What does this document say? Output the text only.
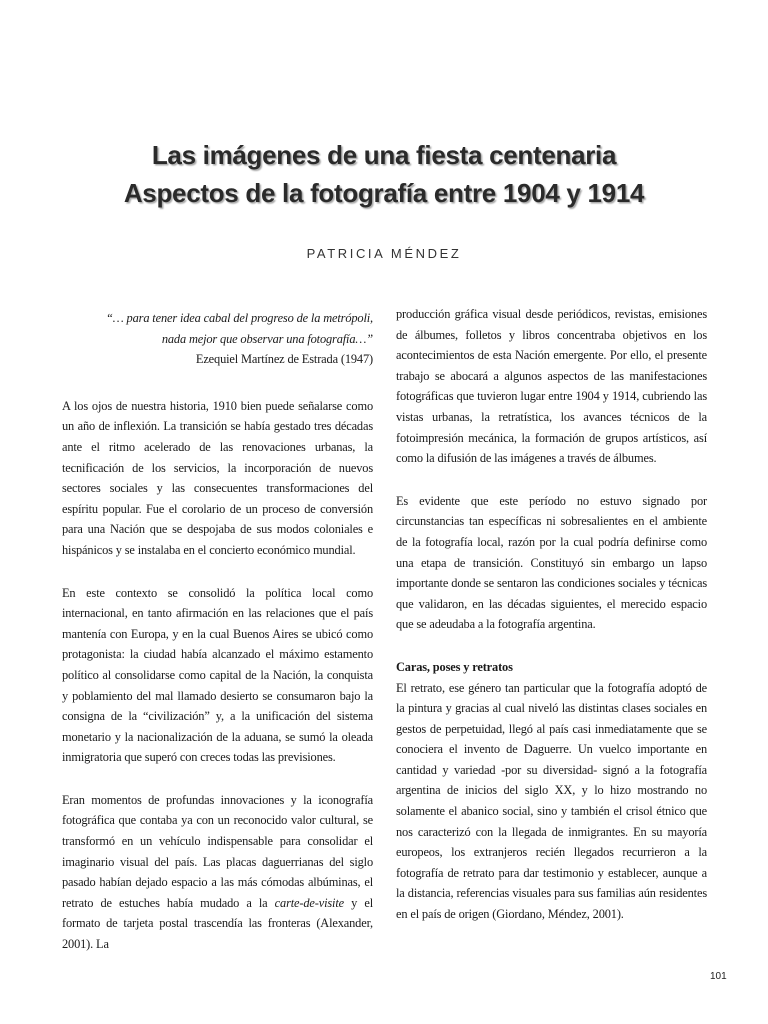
Las imágenes de una fiesta centenaria
Aspectos de la fotografía entre 1904 y 1914
PATRICIA MÉNDEZ
“… para tener idea cabal del progreso de la metrópoli,
nada mejor que observar una fotografía…”
Ezequiel Martínez de Estrada (1947)

A los ojos de nuestra historia, 1910 bien puede señalarse como un año de inflexión. La transición se había gestado tres décadas ante el ritmo acelerado de las renovaciones urbanas, la tecnificación de los servicios, la incorporación de nuevos sectores sociales y las consecuentes transformaciones del espíritu popular. Fue el corolario de un proceso de conversión para una Nación que se despojaba de sus modos coloniales e hispánicos y se instalaba en el concierto económico mundial.

En este contexto se consolidó la política local como internacional, en tanto afirmación en las relaciones que el país mantenía con Europa, y en la cual Buenos Aires se ubicó como protagonista: la ciudad había alcanzado el máximo estamento político al consolidarse como capital de la Nación, la conquista y poblamiento del mal llamado desierto se consumaron bajo la consigna de la “civilización” y, a la unificación del sistema monetario y la nacionalización de la aduana, se sumó la oleada inmigratoria que superó con creces todas las previsiones.

Eran momentos de profundas innovaciones y la iconografía fotográfica que contaba ya con un reconocido valor cultural, se transformó en un vehículo indispensable para consolidar el imaginario visual del país. Las placas daguerrianas del siglo pasado habían dejado espacio a las más cómodas albúminas, el retrato de estuches había mudado a la carte-de-visite y el formato de tarjeta postal trascendía las fronteras (Alexander, 2001). La

producción gráfica visual desde periódicos, revistas, emisiones de álbumes, folletos y libros concentraba objetivos en los acontecimientos de esta Nación emergente. Por ello, el presente trabajo se abocará a algunos aspectos de las manifestaciones fotográficas que tuvieron lugar entre 1904 y 1914, cubriendo las vistas urbanas, la retratística, los avances técnicos de la fotoimpresión mecánica, la formación de grupos artísticos, así como la difusión de las imágenes a través de álbumes.

Es evidente que este período no estuvo signado por circunstancias tan específicas ni sobresalientes en el ambiente de la fotografía local, razón por la cual podría definirse como una etapa de transición. Constituyó sin embargo un lapso importante donde se sentaron las condiciones sociales y técnicas que validaron, en las décadas siguientes, el merecido espacio que se adeudaba a la fotografía argentina.

Caras, poses y retratos

El retrato, ese género tan particular que la fotografía adoptó de la pintura y gracias al cual niveló las distintas clases sociales en gestos de perpetuidad, llegó al país casi inmediatamente que se conociera el invento de Daguerre. Un vuelco importante en cantidad y variedad -por su diversidad- signó a la fotografía argentina de inicios del siglo XX, y lo hizo mostrando no solamente el abanico social, sino y también el crisol étnico que nos caracterizó con la llegada de inmigrantes. En su mayoría europeos, los extranjeros recién llegados recurrieron a la fotografía de retrato para dar testimonio y establecer, aunque a la distancia, referencias visuales para sus familias aún residentes en el país de origen (Giordano, Méndez, 2001).

101
